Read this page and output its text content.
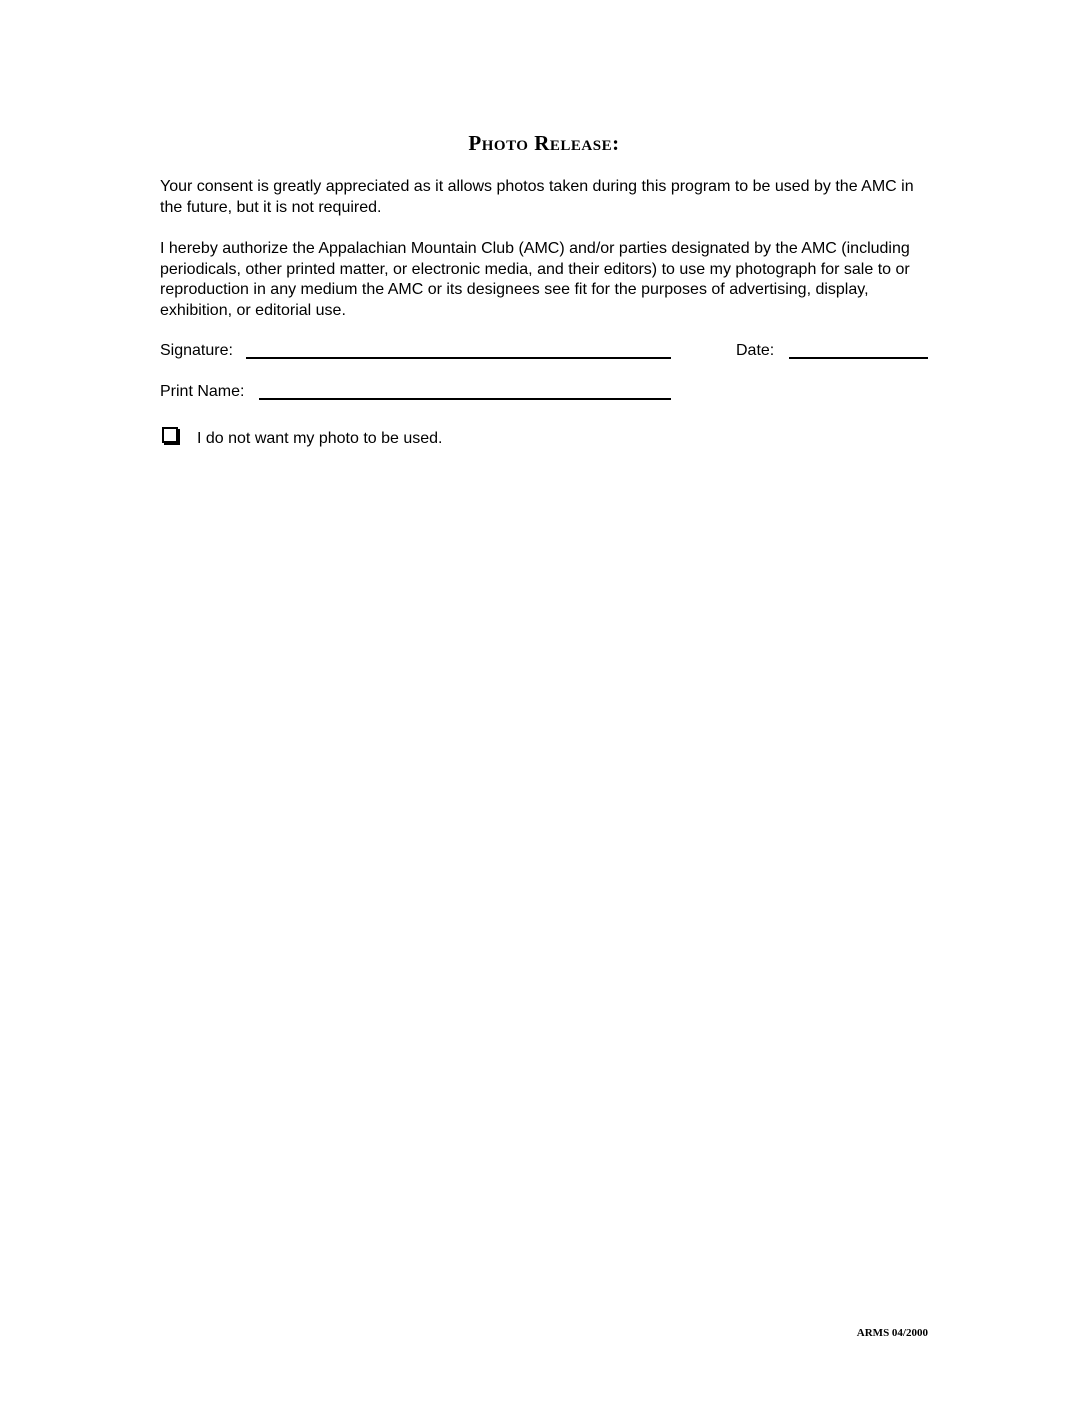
Photo Release:
Your consent is greatly appreciated as it allows photos taken during this program to be used by the AMC in the future, but it is not required.
I hereby authorize the Appalachian Mountain Club (AMC) and/or parties designated by the AMC (including periodicals, other printed matter, or electronic media, and their editors) to use my photograph for sale to or reproduction in any medium the AMC or its designees see fit for the purposes of advertising, display, exhibition, or editorial use.
Signature:	Date:
Print Name:
I do not want my photo to be used.
ARMS 04/2000
